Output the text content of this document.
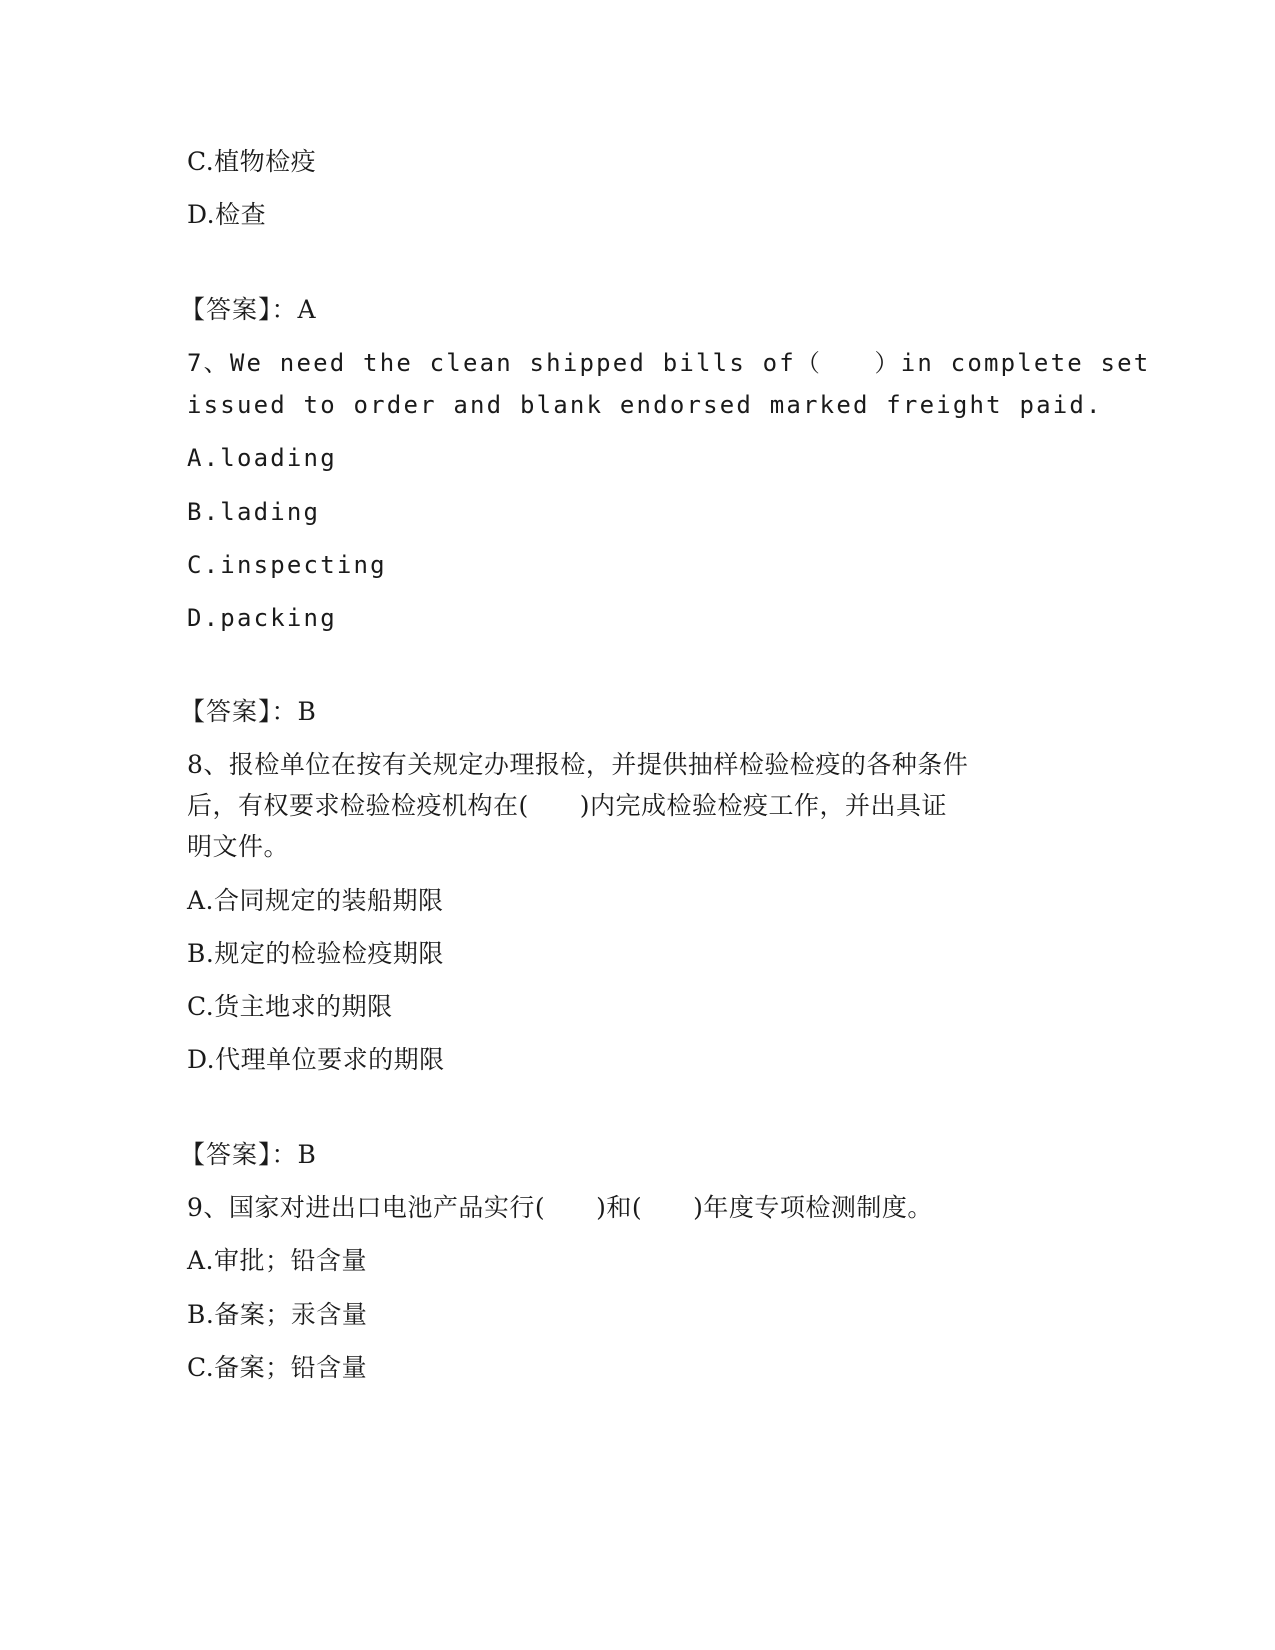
C.植物检疫
D.检查
【答案】：A
7、We need the clean shipped bills of（　　）in complete set
issued to order and blank endorsed marked freight paid.
A.loading
B.lading
C.inspecting
D.packing
【答案】：B
8、报检单位在按有关规定办理报检，并提供抽样检验检疫的各种条件
后，有权要求检验检疫机构在(　　)内完成检验检疫工作，并出具证
明文件。
A.合同规定的装船期限
B.规定的检验检疫期限
C.货主地求的期限
D.代理单位要求的期限
【答案】：B
9、国家对进出口电池产品实行(　　)和(　　)年度专项检测制度。
A.审批；铅含量
B.备案；汞含量
C.备案；铅含量
